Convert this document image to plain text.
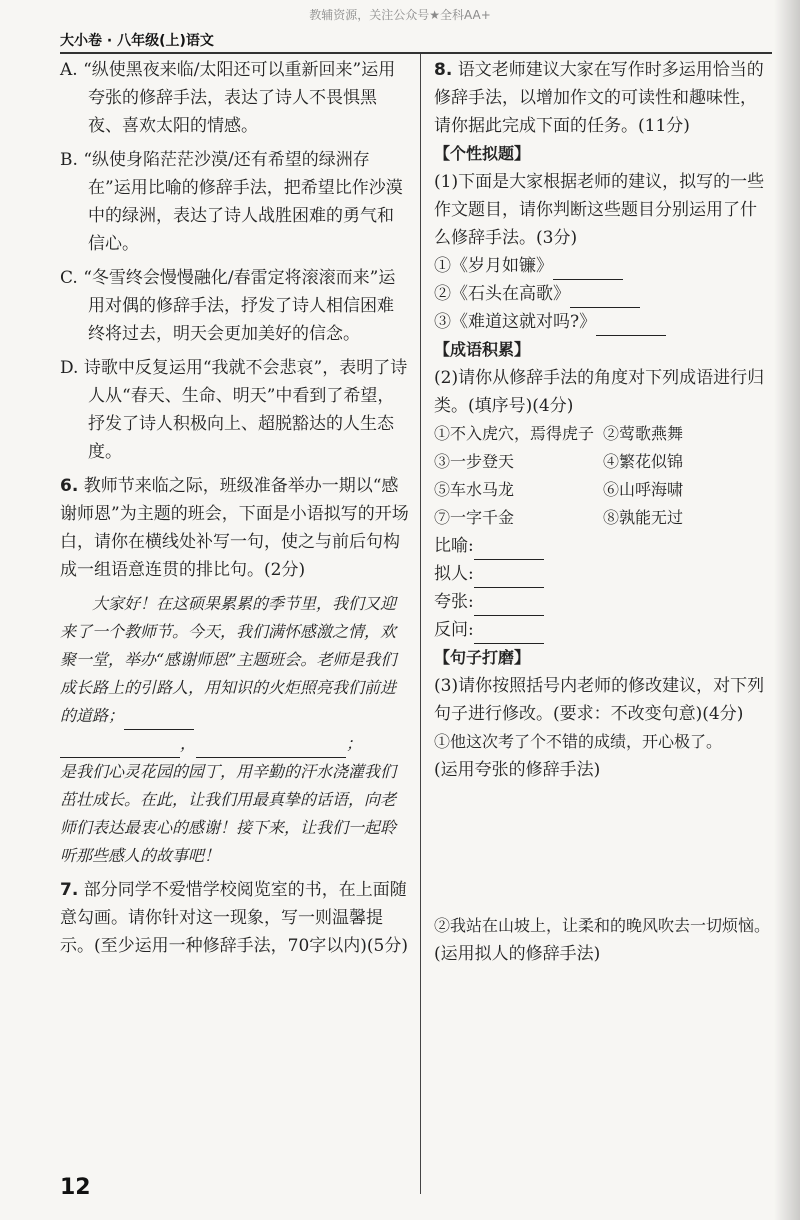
教辅资源，关注公众号★全科AA+
大小卷 · 八年级(上)语文

A. “纵使黑夜来临/太阳还可以重新回来”运用夸张的修辞手法，表达了诗人不畏惧黑夜、喜欢太阳的情感。

B. “纵使身陷茫茫沙漠/还有希望的绿洲存在”运用比喻的修辞手法，把希望比作沙漠中的绿洲，表达了诗人战胜困难的勇气和信心。

C. “冬雪终会慢慢融化/春雷定将滚滚而来”运用对偶的修辞手法，抒发了诗人相信困难终将过去，明天会更加美好的信念。

D. 诗歌中反复运用“我就不会悲哀”，表明了诗人从“春天、生命、明天”中看到了希望，抒发了诗人积极向上、超脱豁达的人生态度。

6. 教师节来临之际，班级准备举办一期以“感谢师恩”为主题的班会，下面是小语拟写的开场白，请你在横线处补写一句，使之与前后句构成一组语意连贯的排比句。(2分)

大家好！在这硕果累累的季节里，我们又迎来了一个教师节。今天，我们满怀感激之情，欢聚一堂，举办“感谢师恩”主题班会。老师是我们成长路上的引路人，用知识的火炬照亮我们前进的道路；

，	；

是我们心灵花园的园丁，用辛勤的汗水浇灌我们茁壮成长。在此，让我们用最真挚的话语，向老师们表达最衷心的感谢！接下来，让我们一起聆听那些感人的故事吧！

7. 部分同学不爱惜学校阅览室的书，在上面随意勾画。请你针对这一现象，写一则温馨提示。(至少运用一种修辞手法，70字以内)(5分)

8. 语文老师建议大家在写作时多运用恰当的修辞手法，以增加作文的可读性和趣味性，请你据此完成下面的任务。(11分)

【个性拟题】

(1)下面是大家根据老师的建议，拟写的一些作文题目，请你判断这些题目分别运用了什么修辞手法。(3分)

①《岁月如镰》

②《石头在高歌》

③《难道这就对吗?》

【成语积累】

(2)请你从修辞手法的角度对下列成语进行归类。(填序号)(4分)

①不入虎穴，焉得虎子 ②莺歌燕舞
③一步登天	④繁花似锦
⑤车水马龙	⑥山呼海啸
⑦一字千金	⑧孰能无过

比喻:

拟人:

夸张:

反问:

【句子打磨】

(3)请你按照括号内老师的修改建议，对下列句子进行修改。(要求：不改变句意)(4分)

①他这次考了个不错的成绩，开心极了。

(运用夸张的修辞手法)

②我站在山坡上，让柔和的晚风吹去一切烦恼。

(运用拟人的修辞手法)

12
